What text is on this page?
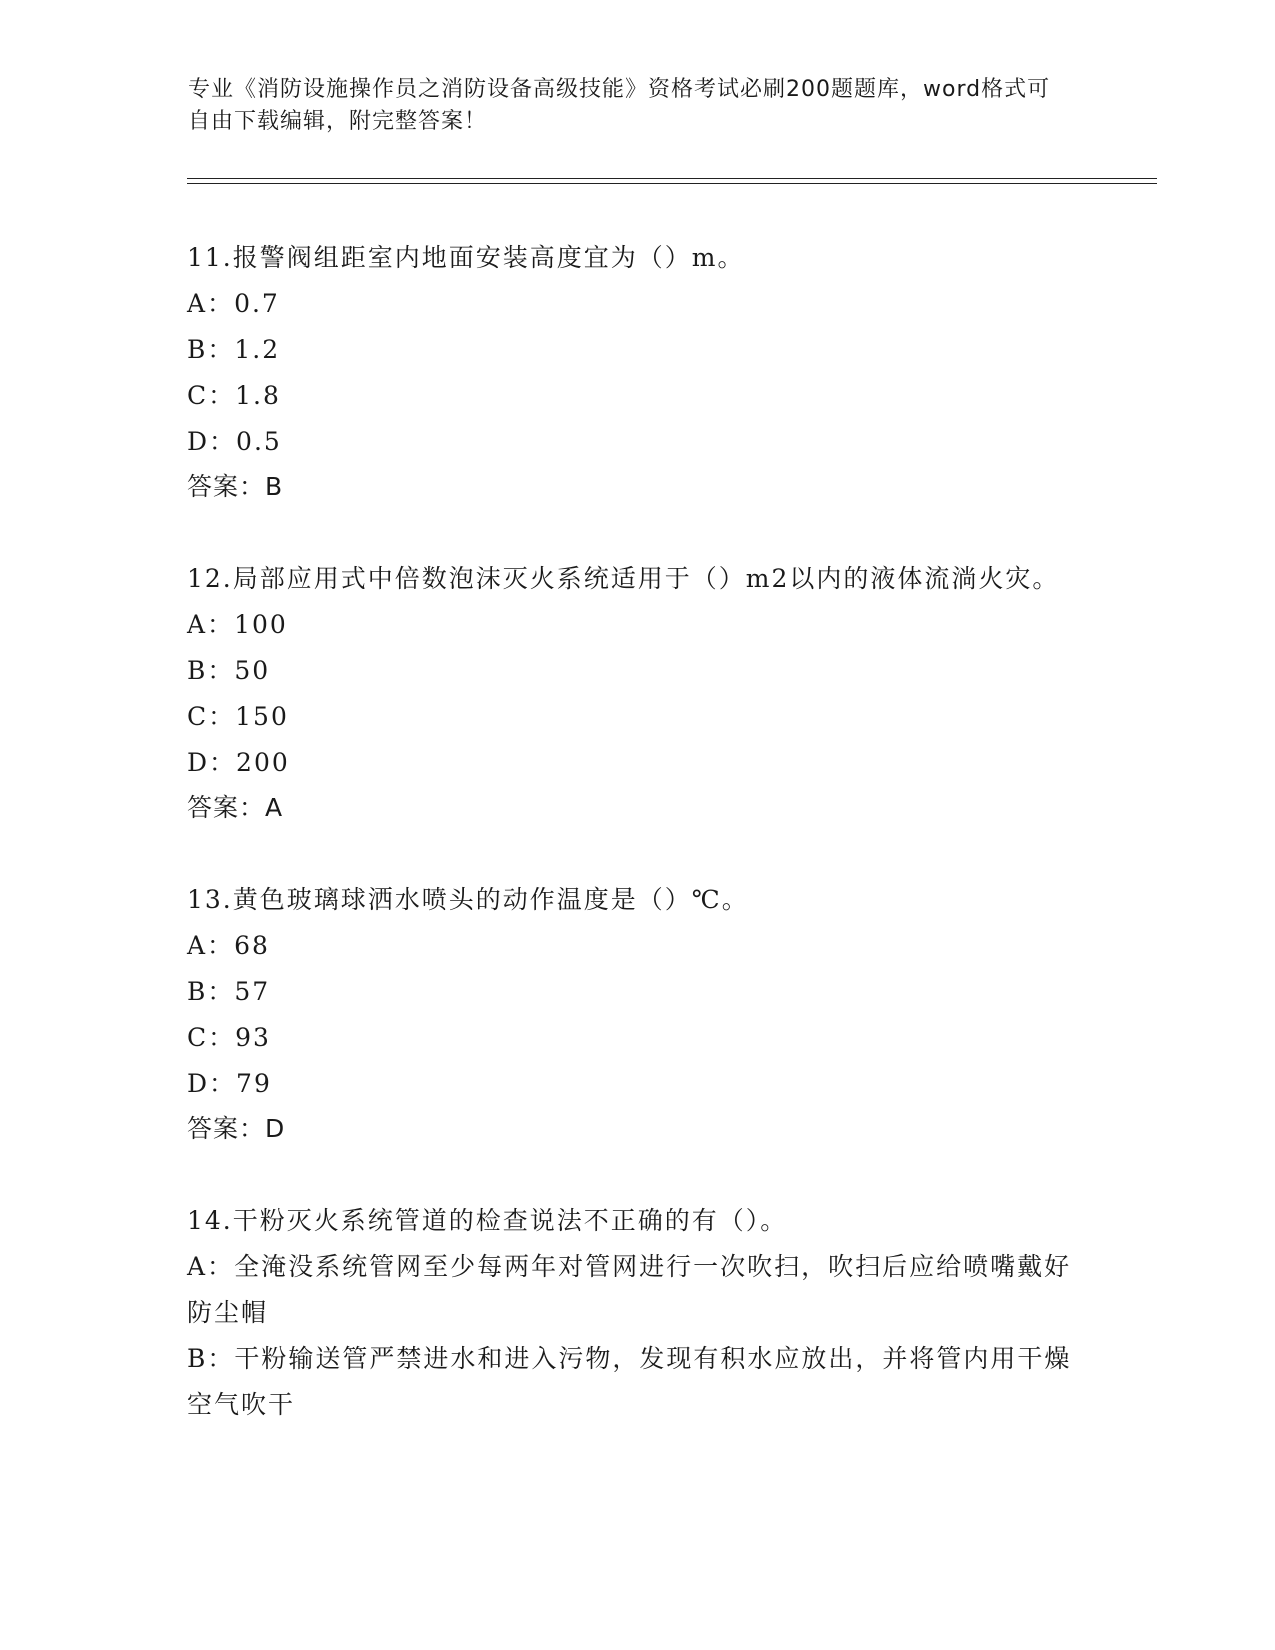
专业《消防设施操作员之消防设备高级技能》资格考试必刷200题题库，word格式可自由下载编辑，附完整答案！
11.报警阀组距室内地面安装高度宜为（）m。
A：0.7
B：1.2
C：1.8
D：0.5
答案：B
12.局部应用式中倍数泡沫灭火系统适用于（）m2以内的液体流淌火灾。
A：100
B：50
C：150
D：200
答案：A
13.黄色玻璃球洒水喷头的动作温度是（）℃。
A：68
B：57
C：93
D：79
答案：D
14.干粉灭火系统管道的检查说法不正确的有（）。
A：全淹没系统管网至少每两年对管网进行一次吹扫，吹扫后应给喷嘴戴好防尘帽
B：干粉输送管严禁进水和进入污物，发现有积水应放出，并将管内用干燥空气吹干
